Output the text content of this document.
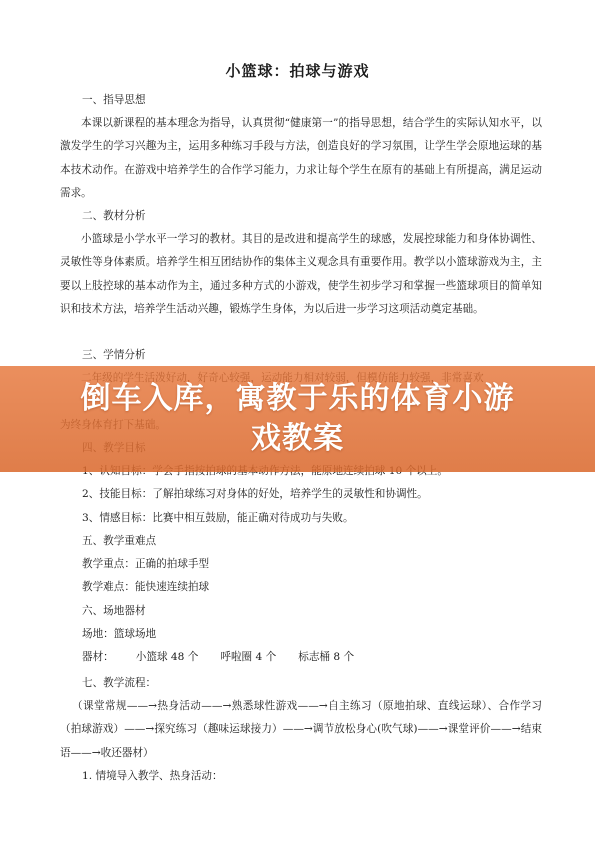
小篮球：拍球与游戏

一、指导思想

本课以新课程的基本理念为指导，认真贯彻“健康第一”的指导思想，结合学生的实际认知水平，以激发学生的学习兴趣为主，运用多种练习手段与方法，创造良好的学习氛围，让学生学会原地运球的基本技术动作。在游戏中培养学生的合作学习能力，力求让每个学生在原有的基础上有所提高，满足运动需求。

二、教材分析

小篮球是小学水平一学习的教材。其目的是改进和提高学生的球感，发展控球能力和身体协调性、灵敏性等身体素质。培养学生相互团结协作的集体主义观念具有重要作用。教学以小篮球游戏为主，主要以上肢控球的基本动作为主，通过多种方式的小游戏，使学生初步学习和掌握一些篮球项目的简单知识和技术方法，培养学生活动兴趣，锻炼学生身体，为以后进一步学习这项活动奠定基础。

三、学情分析

2、技能目标：了解拍球练习对身体的好处，培养学生的灵敏性和协调性。

3、情感目标：比赛中相互鼓励，能正确对待成功与失败。

五、教学重难点

教学重点：正确的拍球手型

教学难点：能快速连续拍球

六、场地器材

场地：篮球场地

器材： 小篮球 48 个 呼啦圈 4 个 标志桶 8 个

七、教学流程：

（课堂常规——→热身活动——→熟悉球性游戏——→自主练习（原地拍球、直线运球）、合作学习（拍球游戏）——→探究练习（趣味运球接力）——→调节放松身心(吹气球)——→课堂评价——→结束语——→收还器材）

1. 情境导入教学、热身活动：

倒车入库，寓教于乐的体育小游
戏教案
